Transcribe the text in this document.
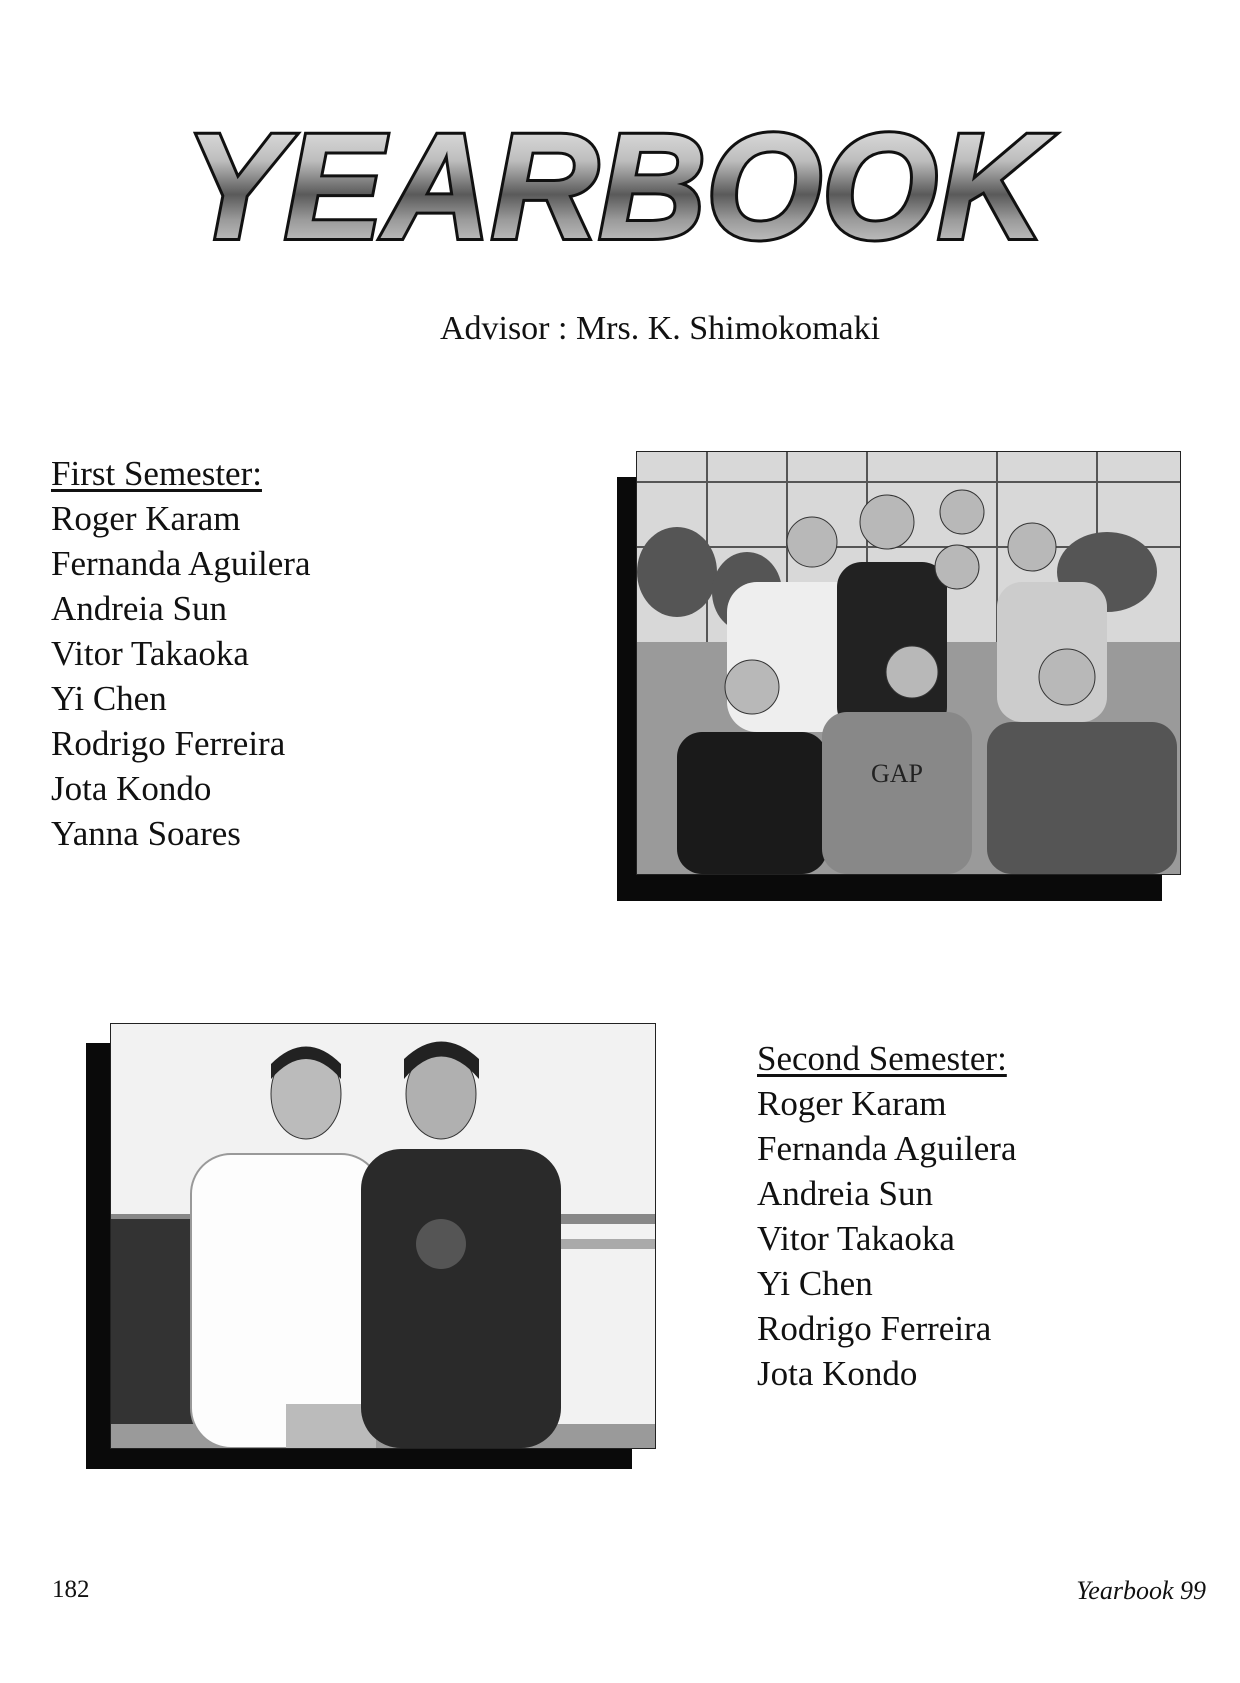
YEARBOOK
Advisor : Mrs. K. Shimokomaki
First Semester:
Roger Karam
Fernanda Aguilera
Andreia Sun
Vitor Takaoka
Yi Chen
Rodrigo Ferreira
Jota Kondo
Yanna Soares
GAP
Second Semester:
Roger Karam
Fernanda Aguilera
Andreia Sun
Vitor Takaoka
Yi Chen
Rodrigo Ferreira
Jota Kondo
182	Yearbook 99
